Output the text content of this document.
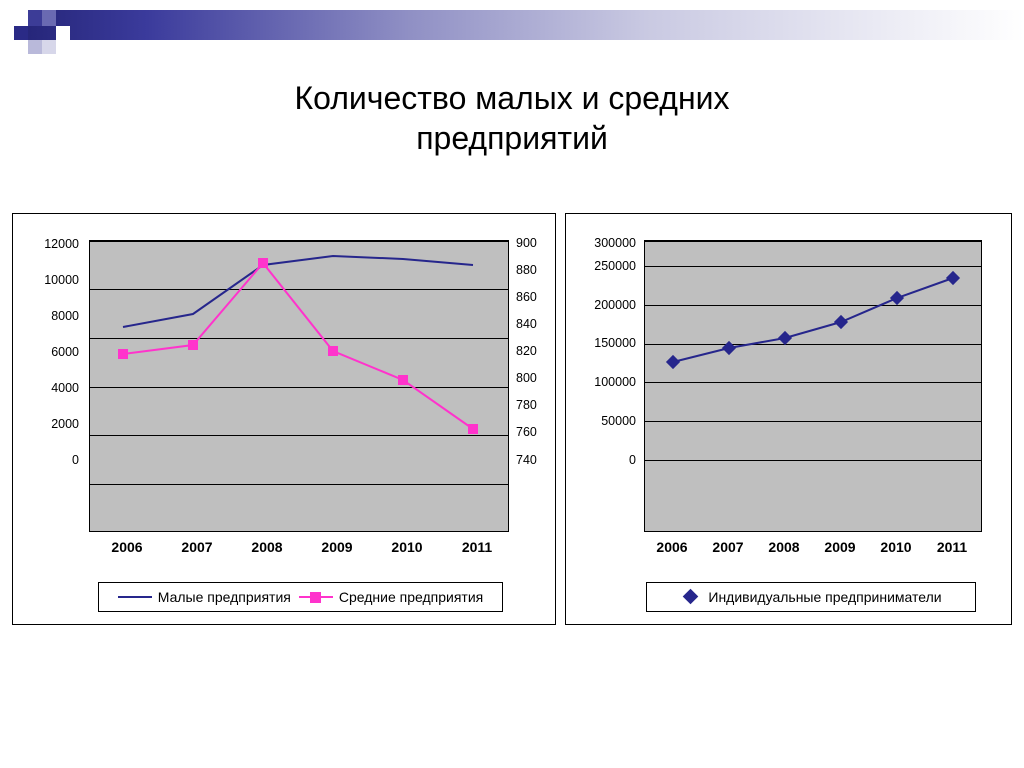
Количество малых и средних
предприятий
0
2000
4000
6000
8000
10000
12000
740
760
780
800
820
840
860
880
900
2006	2007	2008	2009	2010	2011
Малые предприятия	Средние предприятия
0
50000
100000
150000
200000
250000
300000
2006	2007	2008	2009	2010	2011
Индивидуальные предприниматели
